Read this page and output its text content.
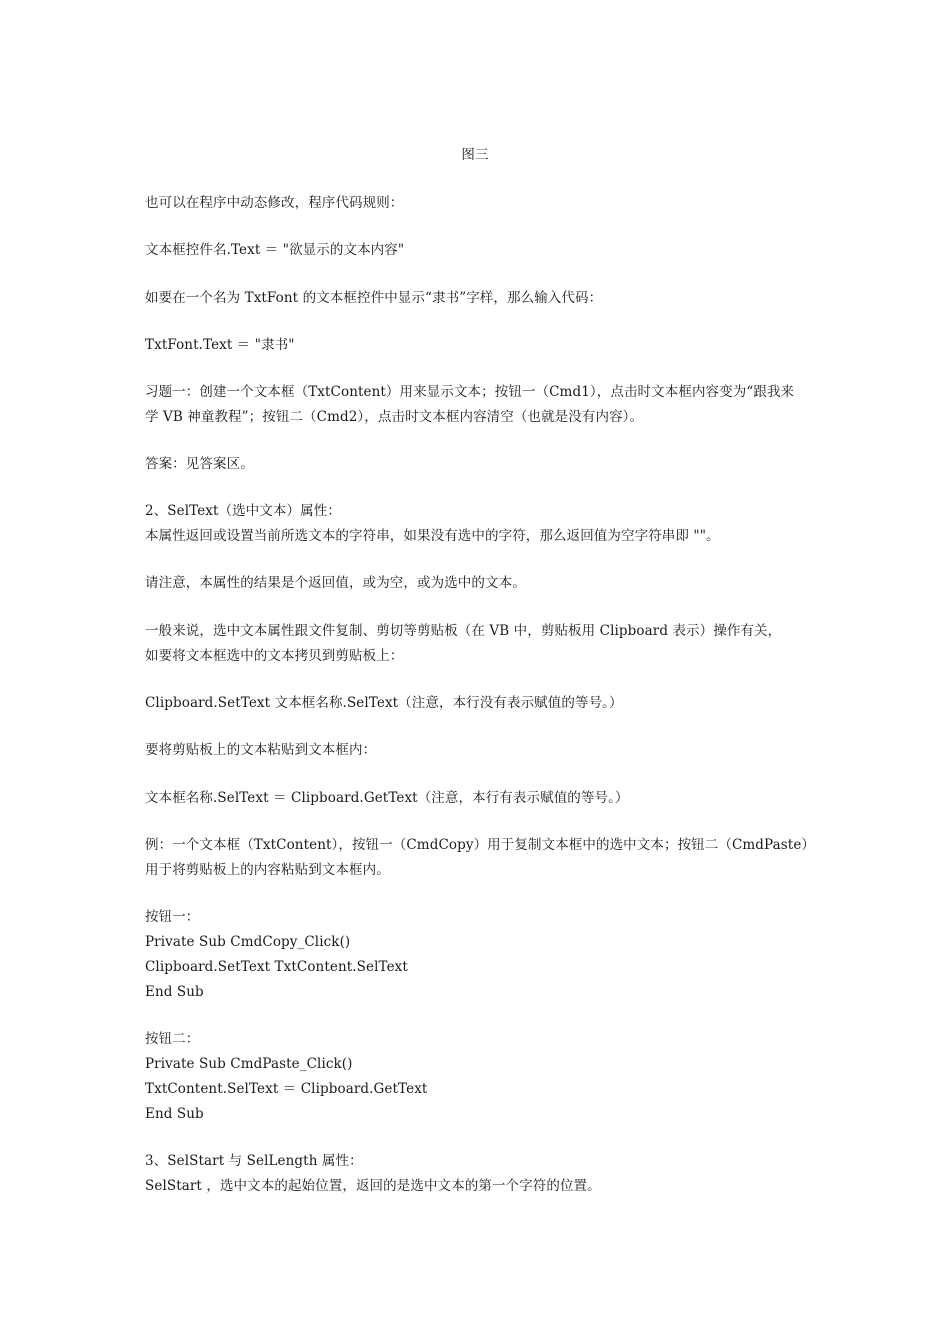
图三
也可以在程序中动态修改，程序代码规则：
文本框控件名.Text ＝ "欲显示的文本内容"
如要在一个名为 TxtFont 的文本框控件中显示“隶书”字样，那么输入代码：
TxtFont.Text ＝ "隶书"
习题一：创建一个文本框（TxtContent）用来显示文本；按钮一（Cmd1），点击时文本框内容变为“跟我来
学 VB 神童教程”；按钮二（Cmd2），点击时文本框内容清空（也就是没有内容）。
答案：见答案区。
2、SelText（选中文本）属性：
本属性返回或设置当前所选文本的字符串，如果没有选中的字符，那么返回值为空字符串即 ""。
请注意，本属性的结果是个返回值，或为空，或为选中的文本。
一般来说，选中文本属性跟文件复制、剪切等剪贴板（在 VB 中，剪贴板用 Clipboard 表示）操作有关，
如要将文本框选中的文本拷贝到剪贴板上：
Clipboard.SetText 文本框名称.SelText（注意，本行没有表示赋值的等号。）
要将剪贴板上的文本粘贴到文本框内：
文本框名称.SelText ＝ Clipboard.GetText（注意，本行有表示赋值的等号。）
例：一个文本框（TxtContent），按钮一（CmdCopy）用于复制文本框中的选中文本；按钮二（CmdPaste）
用于将剪贴板上的内容粘贴到文本框内。
按钮一：
Private Sub CmdCopy_Click()
Clipboard.SetText TxtContent.SelText
End Sub
按钮二：
Private Sub CmdPaste_Click()
TxtContent.SelText ＝ Clipboard.GetText
End Sub
3、SelStart 与 SelLength 属性：
SelStart ，选中文本的起始位置，返回的是选中文本的第一个字符的位置。
